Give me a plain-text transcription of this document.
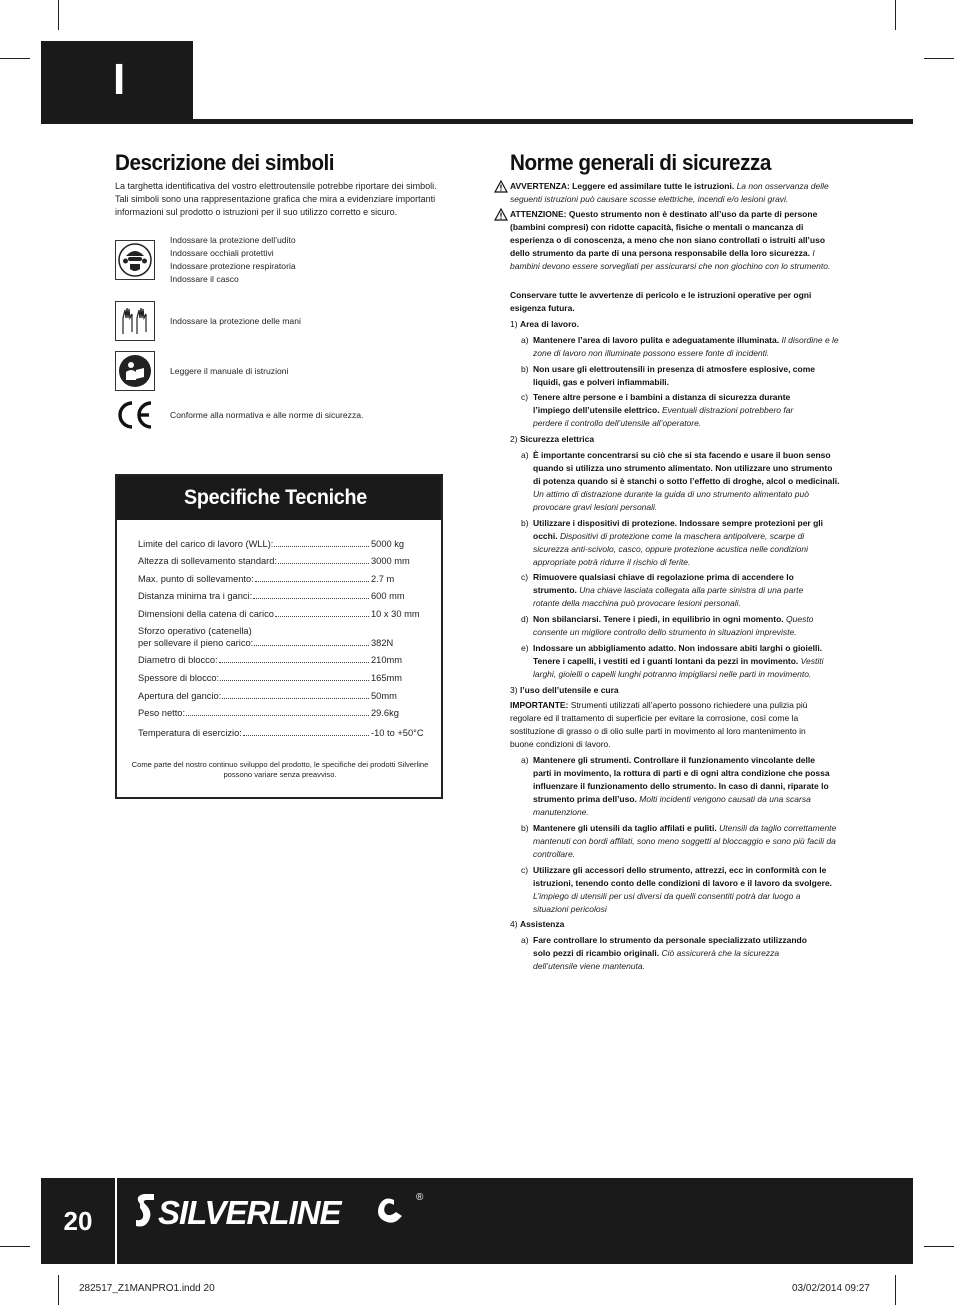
I
Descrizione dei simboli

La targhetta identificativa del vostro elettroutensile potrebbe riportare dei simboli. Tali simboli sono una rappresentazione grafica che mira a evidenziare importanti informazioni sul prodotto o istruzioni per il suo utilizzo corretto e sicuro.

Indossare la protezione dell’udito
Indossare occhiali protettivi
Indossare protezione respiratoria
Indossare il casco
Indossare la protezione delle mani
Leggere il manuale di istruzioni
Conforme alla normativa e alle norme di sicurezza.
Specifiche Tecniche
Limite del carico di lavoro (WLL):	5000 kg
Altezza di sollevamento standard:	3000 mm
Max. punto di sollevamento:	2.7 m
Distanza minima tra i ganci:	600 mm
Dimensioni della catena di carico	10 x 30 mm
Sforzo operativo (catenella)
per sollevare il pieno carico:	382N
Diametro di blocco:	210mm
Spessore di blocco:	165mm
Apertura del gancio:	50mm
Peso netto:	29.6kg
Temperatura di esercizio:	-10 to +50°C

Come parte del nostro continuo sviluppo del prodotto, le specifiche dei prodotti Silverline possono variare senza preavviso.

Norme generali di sicurezza
AVVERTENZA: Leggere ed assimilare tutte le istruzioni. La non osservanza delle seguenti istruzioni può causare scosse elettriche, incendi e/o lesioni gravi.
ATTENZIONE: Questo strumento non è destinato all’uso da parte di persone (bambini compresi) con ridotte capacità, fisiche o mentali o mancanza di esperienza o di conoscenza, a meno che non siano controllati o istruiti all’uso dello strumento da parte di una persona responsabile della loro sicurezza. I bambini devono essere sorvegliati per assicurarsi che non giochino con lo strumento.
Conservare tutte le avvertenze di pericolo e le istruzioni operative per ogni esigenza futura.
1) Area di lavoro.
a) Mantenere l’area di lavoro pulita e adeguatamente illuminata. Il disordine e le zone di lavoro non illuminate possono essere fonte di incidenti.
b) Non usare gli elettroutensili in presenza di atmosfere esplosive, come liquidi, gas e polveri infiammabili.
c) Tenere altre persone e i bambini a distanza di sicurezza durante l’impiego dell’utensile elettrico. Eventuali distrazioni potrebbero far perdere il controllo dell’utensile all’operatore.
2) Sicurezza elettrica
a) È importante concentrarsi su ciò che si sta facendo e usare il buon senso quando si utilizza uno strumento alimentato. Non utilizzare uno strumento di potenza quando si è stanchi o sotto l’effetto di droghe, alcol o medicinali. Un attimo di distrazione durante la guida di uno strumento alimentato può provocare gravi lesioni personali.
b) Utilizzare i dispositivi di protezione. Indossare sempre protezioni per gli occhi. Dispositivi di protezione come la maschera antipolvere, scarpe di sicurezza anti-scivolo, casco, oppure protezione acustica nelle condizioni appropriate potrà ridurre il rischio di ferite.
c) Rimuovere qualsiasi chiave di regolazione prima di accendere lo strumento. Una chiave lasciata collegata alla parte sinistra di una parte rotante della macchina può provocare lesioni personali.
d) Non sbilanciarsi. Tenere i piedi, in equilibrio in ogni momento. Questo consente un migliore controllo dello strumento in situazioni impreviste.
e) Indossare un abbigliamento adatto. Non indossare abiti larghi o gioielli. Tenere i capelli, i vestiti ed i guanti lontani da pezzi in movimento. Vestiti larghi, gioielli o capelli lunghi potranno impigliarsi nelle parti in movimento.
3) l’uso dell’utensile e cura
IMPORTANTE: Strumenti utilizzati all’aperto possono richiedere una pulizia più regolare ed il trattamento di superficie per evitare la corrosione, così come la sostituzione di grasso o di olio sulle parti in movimento al loro mantenimento in buone condizioni di lavoro.
a) Mantenere gli strumenti. Controllare il funzionamento vincolante delle parti in movimento, la rottura di parti e di ogni altra condizione che possa influenzare il funzionamento dello strumento. In caso di danni, riparate lo strumento prima dell’uso. Molti incidenti vengono causati da una scarsa manutenzione.
b) Mantenere gli utensili da taglio affilati e puliti. Utensili da taglio correttamente mantenuti con bordi affilati, sono meno soggetti al bloccaggio e sono più facili da controllare.
c) Utilizzare gli accessori dello strumento, attrezzi, ecc in conformità con le istruzioni, tenendo conto delle condizioni di lavoro e il lavoro da svolgere. L’impiego di utensili per usi diversi da quelli consentiti potrà dar luogo a situazioni pericolosi
4) Assistenza
a) Fare controllare lo strumento da personale specializzato utilizzando solo pezzi di ricambio originali. Ciò assicurerà che la sicurezza dell’utensile viene mantenuta.
20	SILVERLINE	®
282517_Z1MANPRO1.indd 20	03/02/2014 09:27
